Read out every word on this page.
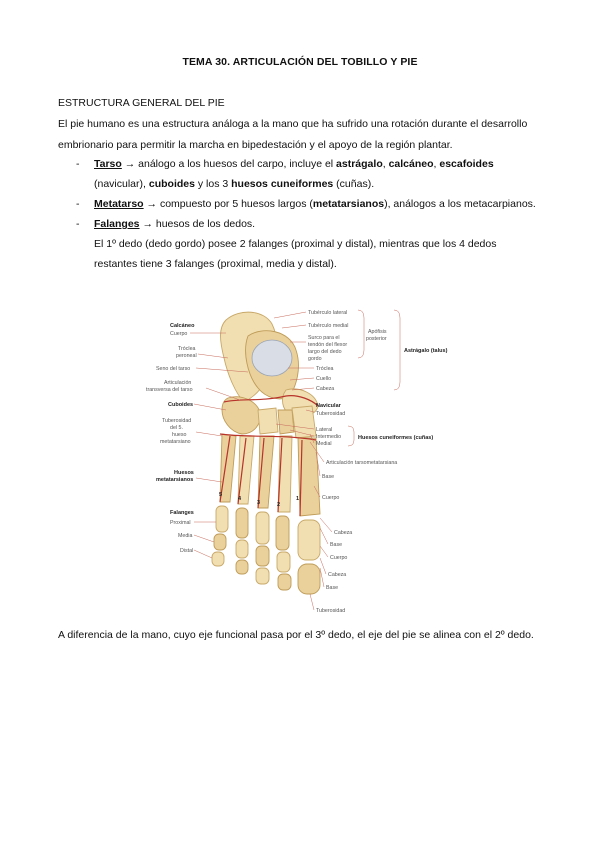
TEMA 30. ARTICULACIÓN DEL TOBILLO Y PIE
ESTRUCTURA GENERAL DEL PIE
El pie humano es una estructura análoga a la mano que ha sufrido una rotación durante el desarrollo embrionario para permitir la marcha en bipedestación y el apoyo de la región plantar.
- Tarso → análogo a los huesos del carpo, incluye el astrágalo, calcáneo, escafoides (navicular), cuboides y los 3 huesos cuneiformes (cuñas).
- Metatarso → compuesto por 5 huesos largos (metatarsianos), análogos a los metacarpianos.
- Falanges → huesos de los dedos.
El 1º dedo (dedo gordo) posee 2 falanges (proximal y distal), mientras que los 4 dedos restantes tiene 3 falanges (proximal, media y distal).
5
4
3	2
1
Calcáneo
Cuerpo
Tróclea
peroneal
Seno del tarso
Articulación
transversa del tarso
Cuboides
Tuberosidad
del 5.
hueso
metatarsiano
Huesos
metatarsianos
Falanges
Proximal
Media
Distal
Tubérculo lateral
Tubérculo medial
Surco para el
tendón del flexor
largo del dedo
gordo
Apófisis
posterior
Tróclea
Cuello
Cabeza
Astrágalo (talus)
Navicular
Tuberosidad
Lateral
Intermedio
Medial
Huesos cuneiformes (cuñas)
Articulación tarsometatarsiana
Base
Cuerpo
Cabeza
Base
Cuerpo
Cabeza
Base
Tuberosidad
A diferencia de la mano, cuyo eje funcional pasa por el 3º dedo, el eje del pie se alinea con el 2º dedo.
